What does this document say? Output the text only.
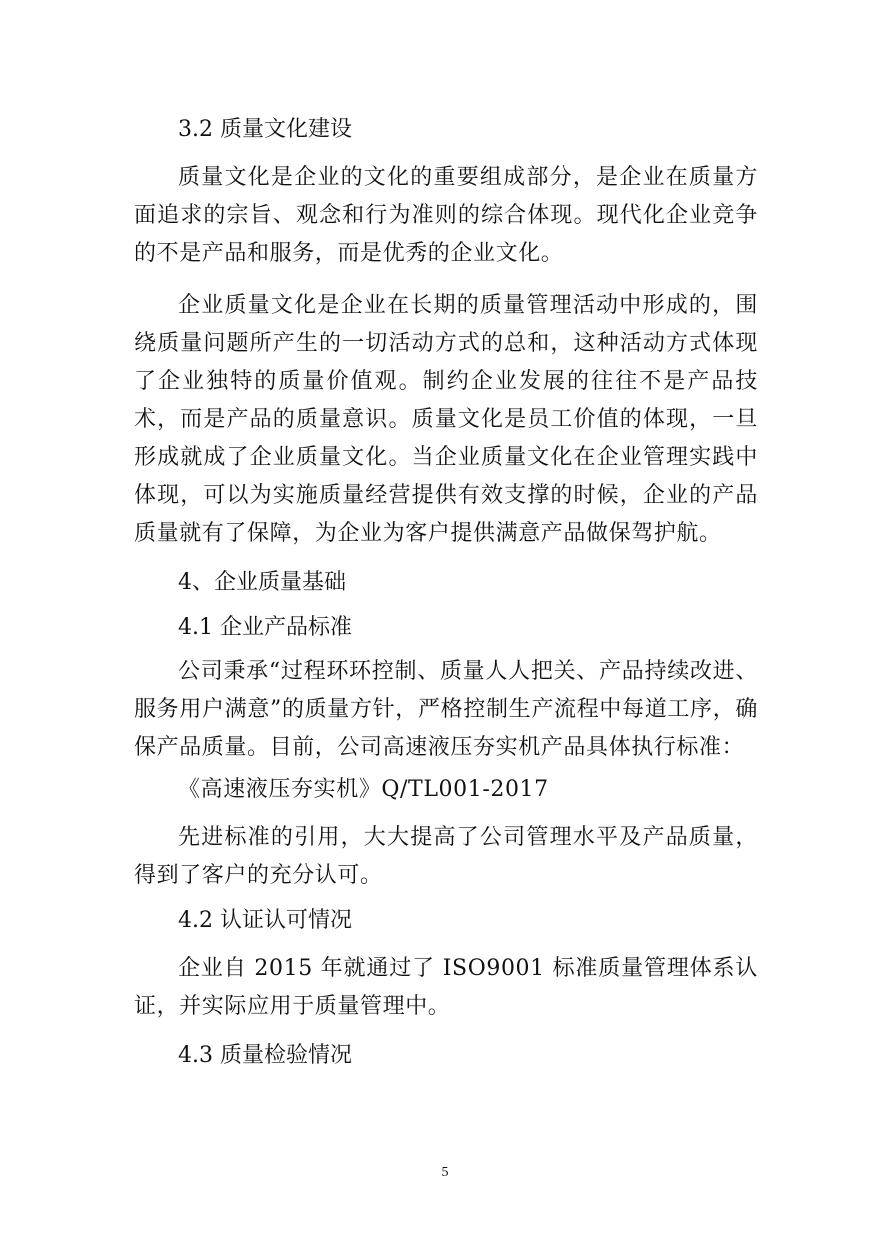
3.2 质量文化建设

质量文化是企业的文化的重要组成部分，是企业在质量方面追求的宗旨、观念和行为准则的综合体现。现代化企业竞争的不是产品和服务，而是优秀的企业文化。

企业质量文化是企业在长期的质量管理活动中形成的，围绕质量问题所产生的一切活动方式的总和，这种活动方式体现了企业独特的质量价值观。制约企业发展的往往不是产品技术，而是产品的质量意识。质量文化是员工价值的体现，一旦形成就成了企业质量文化。当企业质量文化在企业管理实践中体现，可以为实施质量经营提供有效支撑的时候，企业的产品质量就有了保障，为企业为客户提供满意产品做保驾护航。

4、企业质量基础

4.1 企业产品标准

公司秉承“过程环环控制、质量人人把关、产品持续改进、服务用户满意”的质量方针，严格控制生产流程中每道工序，确保产品质量。目前，公司高速液压夯实机产品具体执行标准：

《高速液压夯实机》Q/TL001-2017

先进标准的引用，大大提高了公司管理水平及产品质量，得到了客户的充分认可。

4.2 认证认可情况

企业自 2015 年就通过了 ISO9001 标准质量管理体系认证，并实际应用于质量管理中。

4.3 质量检验情况

5
